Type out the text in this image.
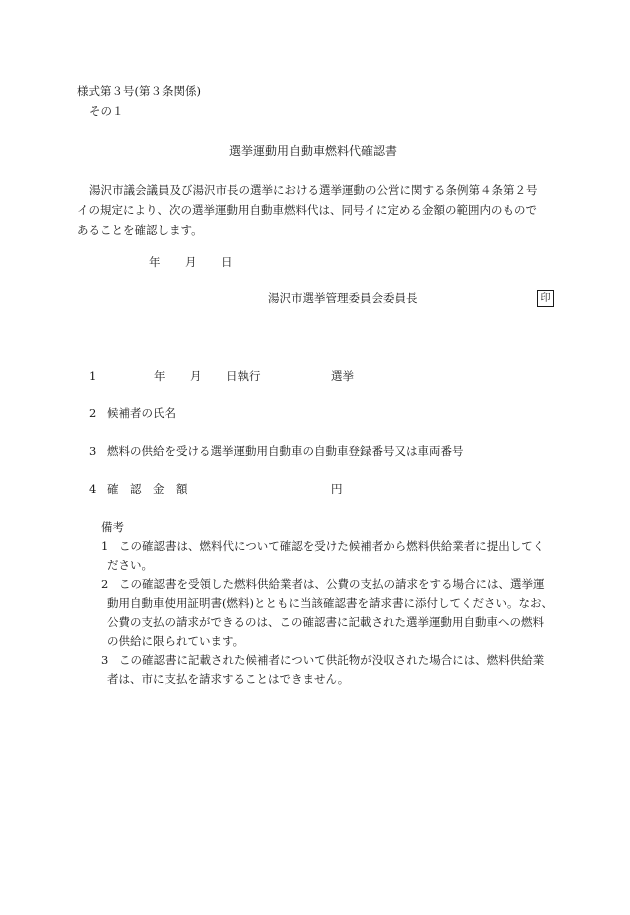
様式第３号(第３条関係)
その１
選挙運動用自動車燃料代確認書
湯沢市議会議員及び湯沢市長の選挙における選挙運動の公営に関する条例第４条第２号
イの規定により、次の選挙運動用自動車燃料代は、同号イに定める金額の範囲内のもので
あることを確認します。
年 月 日
湯沢市選挙管理委員会委員長	印
1	年 月 日執行	選挙
2 候補者の氏名
3 燃料の供給を受ける選挙運動用自動車の自動車登録番号又は車両番号
4 確　認　金　額	円
備考
1 この確認書は、燃料代について確認を受けた候補者から燃料供給業者に提出してく
ださい。
2 この確認書を受領した燃料供給業者は、公費の支払の請求をする場合には、選挙運
動用自動車使用証明書(燃料)とともに当該確認書を請求書に添付してください。なお、
公費の支払の請求ができるのは、この確認書に記載された選挙運動用自動車への燃料
の供給に限られています。
3 この確認書に記載された候補者について供託物が没収された場合には、燃料供給業
者は、市に支払を請求することはできません。
